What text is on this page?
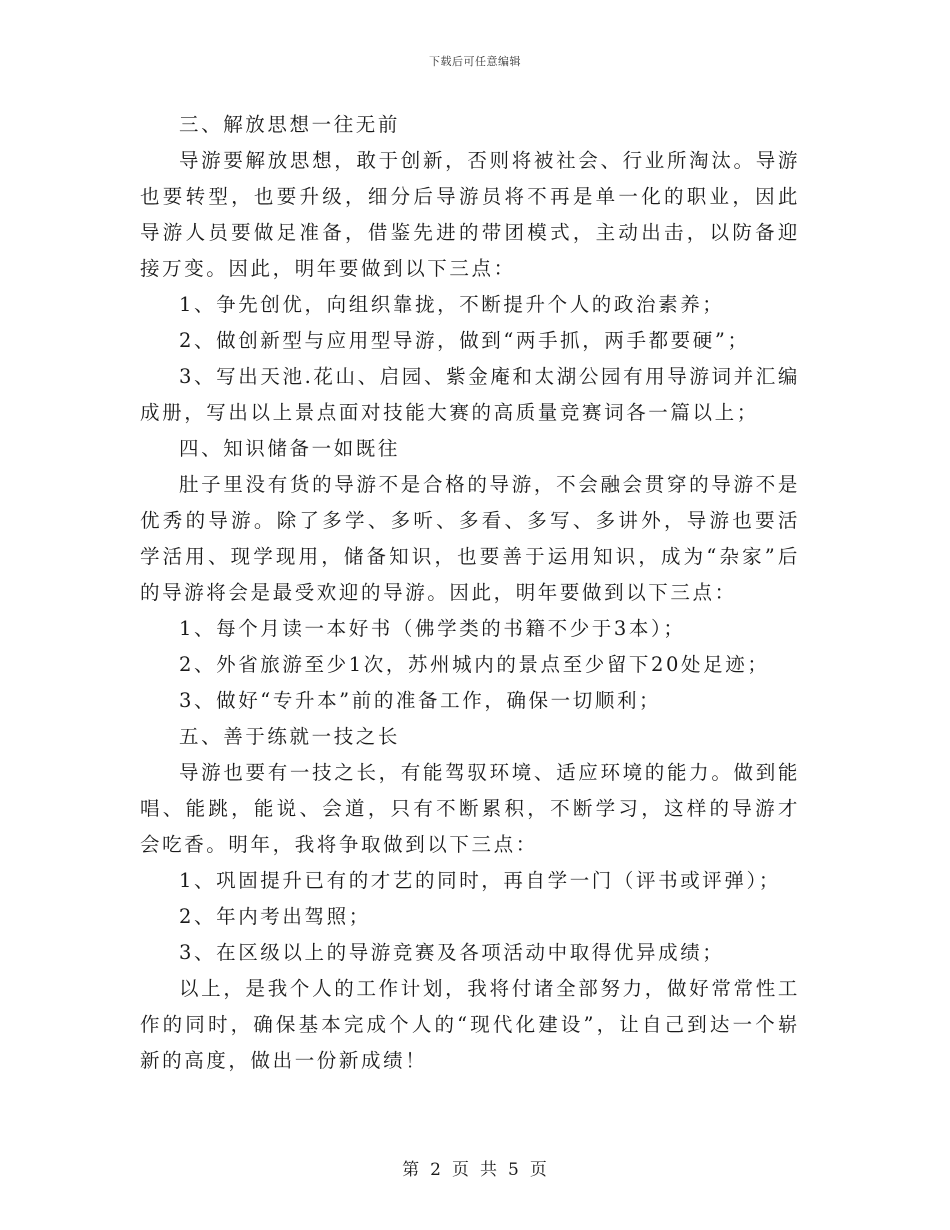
下载后可任意编辑

三、解放思想一往无前

导游要解放思想，敢于创新，否则将被社会、行业所淘汰。导游也要转型，也要升级，细分后导游员将不再是单一化的职业，因此导游人员要做足准备，借鉴先进的带团模式，主动出击，以防备迎接万变。因此，明年要做到以下三点：

1、争先创优，向组织靠拢，不断提升个人的政治素养；

2、做创新型与应用型导游，做到“两手抓，两手都要硬”；

3、写出天池.花山、启园、紫金庵和太湖公园有用导游词并汇编成册，写出以上景点面对技能大赛的高质量竞赛词各一篇以上；

四、知识储备一如既往

肚子里没有货的导游不是合格的导游，不会融会贯穿的导游不是优秀的导游。除了多学、多听、多看、多写、多讲外，导游也要活学活用、现学现用，储备知识，也要善于运用知识，成为“杂家”后的导游将会是最受欢迎的导游。因此，明年要做到以下三点：

1、每个月读一本好书（佛学类的书籍不少于3本）；

2、外省旅游至少1次，苏州城内的景点至少留下20处足迹；

3、做好“专升本”前的准备工作，确保一切顺利；

五、善于练就一技之长

导游也要有一技之长，有能驾驭环境、适应环境的能力。做到能唱、能跳，能说、会道，只有不断累积，不断学习，这样的导游才会吃香。明年，我将争取做到以下三点：

1、巩固提升已有的才艺的同时，再自学一门（评书或评弹）；

2、年内考出驾照；

3、在区级以上的导游竞赛及各项活动中取得优异成绩；

以上，是我个人的工作计划，我将付诸全部努力，做好常常性工作的同时，确保基本完成个人的“现代化建设”，让自己到达一个崭新的高度，做出一份新成绩！

第 2 页 共 5 页
